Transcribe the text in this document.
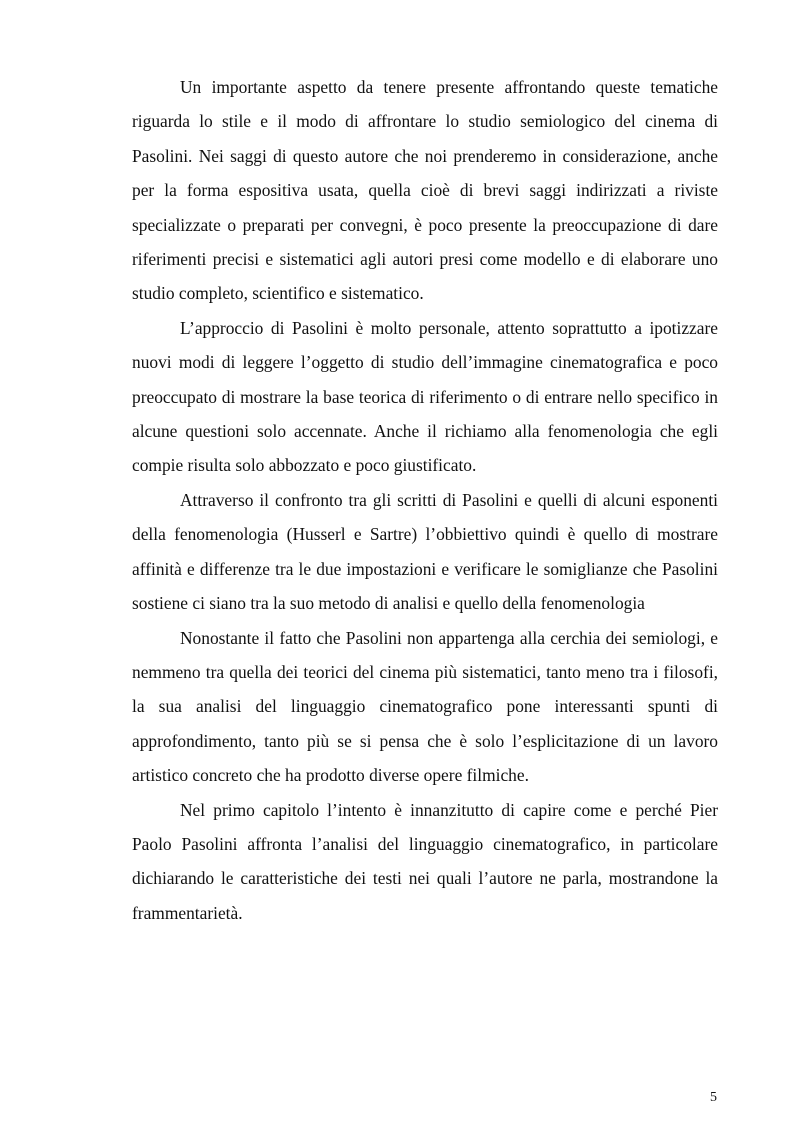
Un importante aspetto da tenere presente affrontando queste tematiche riguarda lo stile e il modo di affrontare lo studio semiologico del cinema di Pasolini. Nei saggi di questo autore che noi prenderemo in considerazione, anche per la forma espositiva usata, quella cioè di brevi saggi indirizzati a riviste specializzate o preparati per convegni, è poco presente la preoccupazione di dare riferimenti precisi e sistematici agli autori presi come modello e di elaborare uno studio completo, scientifico e sistematico.

L’approccio di Pasolini è molto personale, attento soprattutto a ipotizzare nuovi modi di leggere l’oggetto di studio dell’immagine cinematografica e poco preoccupato di mostrare la base teorica di riferimento o di entrare nello specifico in alcune questioni solo accennate. Anche il richiamo alla fenomenologia che egli compie risulta solo abbozzato e poco giustificato.

Attraverso il confronto tra gli scritti di Pasolini e quelli di alcuni esponenti della fenomenologia (Husserl e Sartre) l’obbiettivo quindi è quello di mostrare affinità e differenze tra le due impostazioni e verificare le somiglianze che Pasolini sostiene ci siano tra la suo metodo di analisi e quello della fenomenologia

Nonostante il fatto che Pasolini non appartenga alla cerchia dei semiologi, e nemmeno tra quella dei teorici del cinema più sistematici, tanto meno tra i filosofi, la sua analisi del linguaggio cinematografico pone interessanti spunti di approfondimento, tanto più se si pensa che è solo l’esplicitazione di un lavoro artistico concreto che ha prodotto diverse opere filmiche.

Nel primo capitolo l’intento è innanzitutto di capire come e perché Pier Paolo Pasolini affronta l’analisi del linguaggio cinematografico, in particolare dichiarando le caratteristiche dei testi nei quali l’autore ne parla, mostrandone la frammentarietà.

5
